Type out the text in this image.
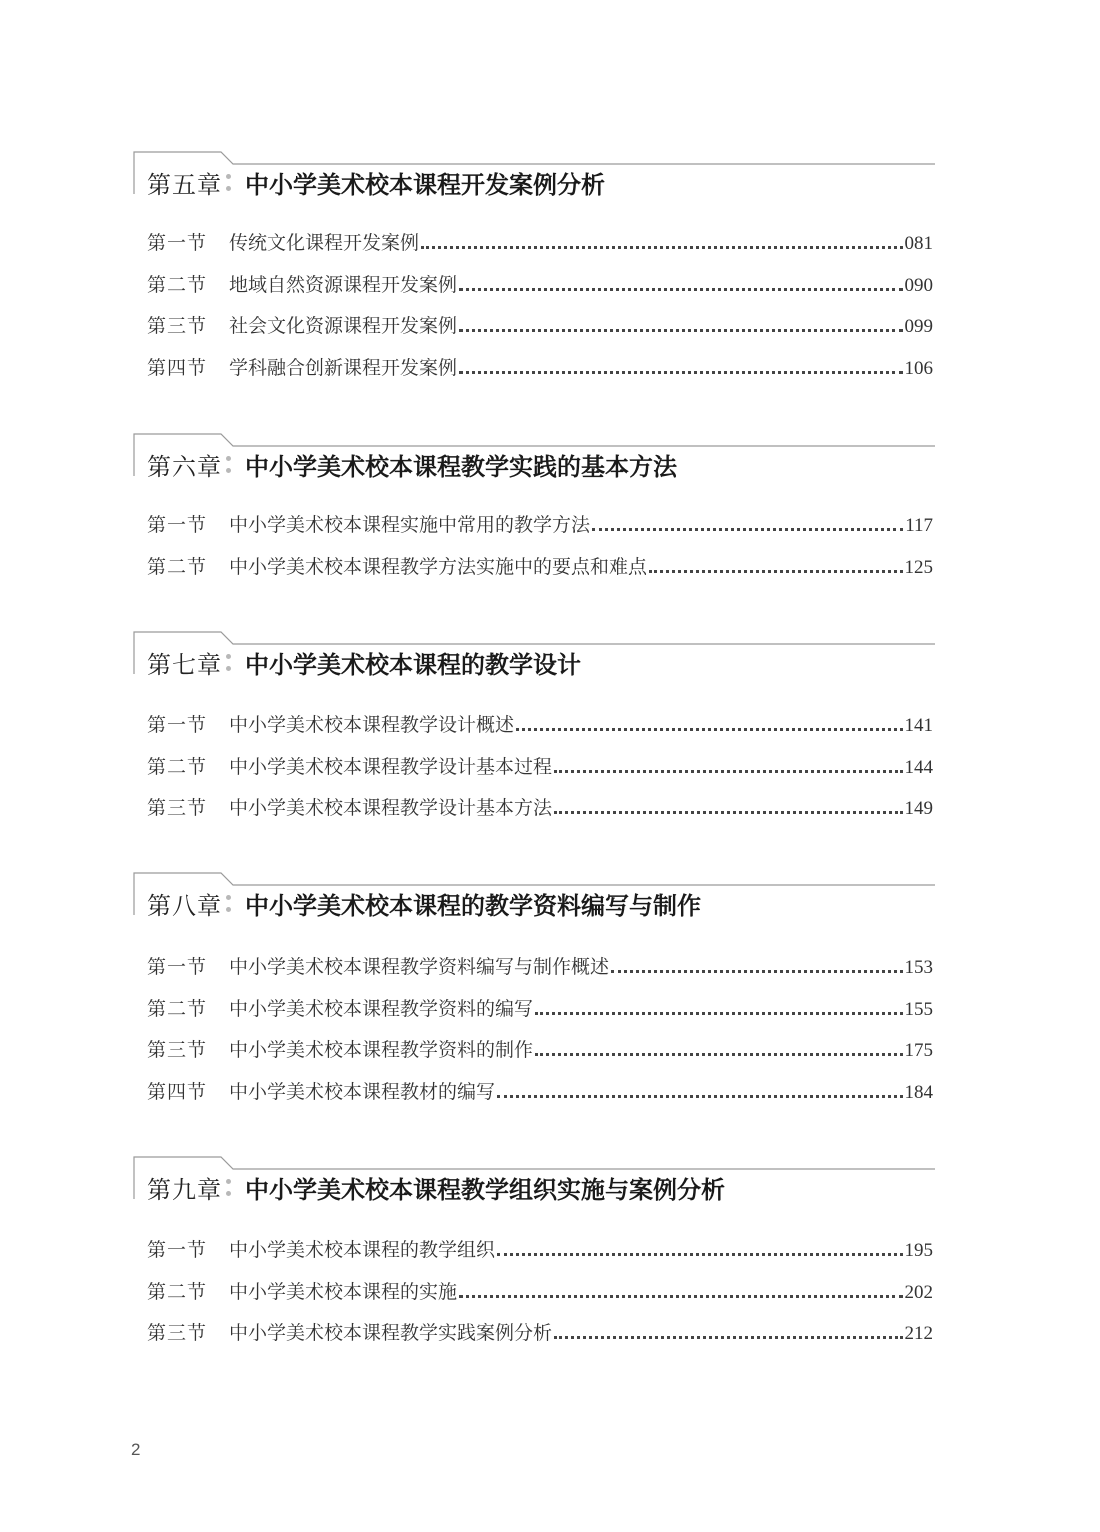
第五章 中小学美术校本课程开发案例分析
第一节	传统文化课程开发案例	081
第二节	地域自然资源课程开发案例	090
第三节	社会文化资源课程开发案例	099
第四节	学科融合创新课程开发案例	106
第六章 中小学美术校本课程教学实践的基本方法
第一节	中小学美术校本课程实施中常用的教学方法	117
第二节	中小学美术校本课程教学方法实施中的要点和难点	125
第七章 中小学美术校本课程的教学设计
第一节	中小学美术校本课程教学设计概述	141
第二节	中小学美术校本课程教学设计基本过程	144
第三节	中小学美术校本课程教学设计基本方法	149
第八章 中小学美术校本课程的教学资料编写与制作
第一节	中小学美术校本课程教学资料编写与制作概述	153
第二节	中小学美术校本课程教学资料的编写	155
第三节	中小学美术校本课程教学资料的制作	175
第四节	中小学美术校本课程教材的编写	184
第九章 中小学美术校本课程教学组织实施与案例分析
第一节	中小学美术校本课程的教学组织	195
第二节	中小学美术校本课程的实施	202
第三节	中小学美术校本课程教学实践案例分析	212
2
